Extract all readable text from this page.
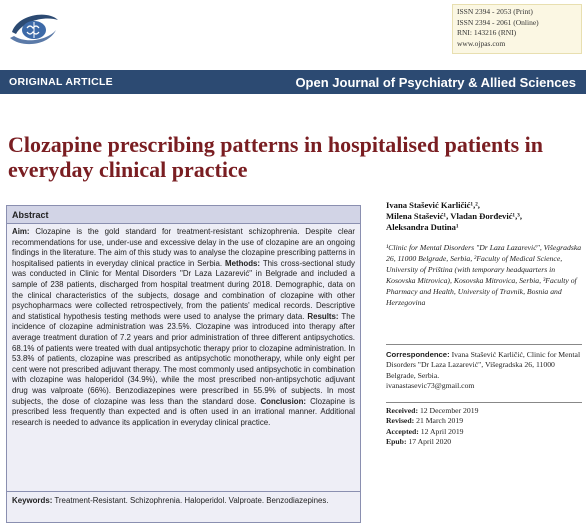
ISSN 2394 - 2053 (Print)
ISSN 2394 - 2061 (Online)
RNI: 143216 (RNI)
www.ojpas.com
ORIGINAL ARTICLE	Open Journal of Psychiatry & Allied Sciences
Clozapine prescribing patterns in hospitalised patients in everyday clinical practice
Abstract
Aim: Clozapine is the gold standard for treatment-resistant schizophrenia. Despite clear recommendations for use, under-use and excessive delay in the use of clozapine are an ongoing findings in the literature. The aim of this study was to analyse the clozapine prescribing patterns in hospitalised patients in everyday clinical practice in Serbia. Methods: This cross-sectional study was conducted in Clinic for Mental Disorders "Dr Laza Lazarević" in Belgrade and included a sample of 238 patients, discharged from hospital treatment during 2018. Demographic, data on the clinical characteristics of the subjects, dosage and combination of clozapine with other psychopharmacs were collected retrospectively, from the patients' medical records. Descriptive and statistical hypothesis testing methods were used to analyse the primary data. Results: The incidence of clozapine administration was 23.5%. Clozapine was introduced into therapy after average treatment duration of 7.2 years and prior administration of three different antipsychotics. 68.1% of patients were treated with dual antipsychotic therapy prior to clozapine administration. In 53.8% of patients, clozapine was prescribed as antipsychotic monotherapy, while only eight per cent were not prescribed adjuvant therapy. The most commonly used antipsychotic in combination with clozapine was haloperidol (34.9%), while the most prescribed non-antipsychotic adjuvant drug was valproate (66%). Benzodiazepines were prescribed in 55.9% of subjects. In most subjects, the dose of clozapine was less than the standard dose. Conclusion: Clozapine is prescribed less frequently than expected and is often used in an irrational manner. Additional research is needed to advance its application in everyday clinical practice.
Keywords: Treatment-Resistant. Schizophrenia. Haloperidol. Valproate. Benzodiazepines.
Ivana Stašević Karličić¹,²,
Milena Stašević¹, Vladan Đorđević¹,³,
Aleksandra Dutina¹
¹Clinic for Mental Disorders "Dr Laza Lazarević", Višegradska 26, 11000 Belgrade, Serbia, ²Faculty of Medical Science, University of Priština (with temporary headquarters in Kosovska Mitrovica), Kosovska Mitrovica, Serbia, ³Faculty of Pharmacy and Health, University of Travnik, Bosnia and Herzegovina
Correspondence: Ivana Stašević Karličić, Clinic for Mental Disorders "Dr Laza Lazarević", Višegradska 26, 11000 Belgrade, Serbia.
ivanastasevic73@gmail.com
Received: 12 December 2019
Revised: 21 March 2019
Accepted: 12 April 2019
Epub: 17 April 2020
